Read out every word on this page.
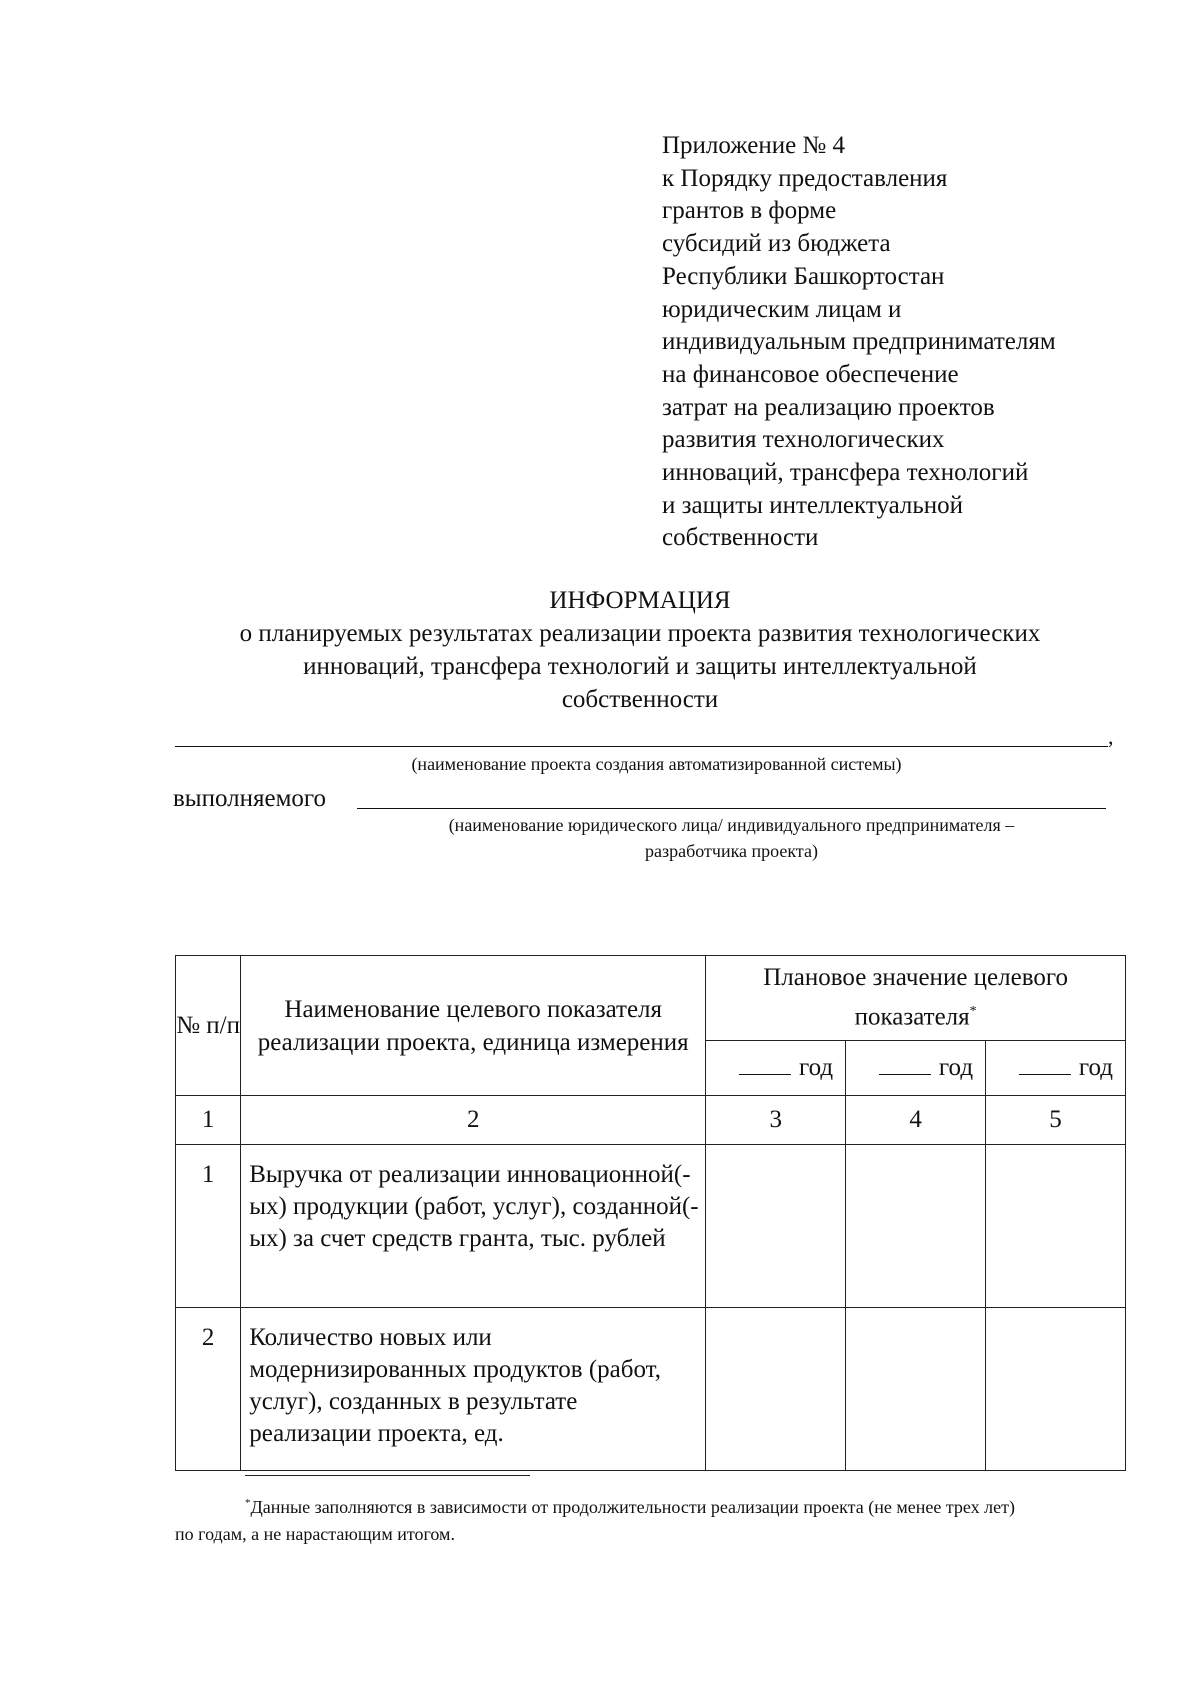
Приложение № 4
к Порядку предоставления
грантов в форме
субсидий из бюджета
Республики Башкортостан
юридическим лицам и
индивидуальным предпринимателям
на финансовое обеспечение
затрат на реализацию проектов
развития технологических
инноваций, трансфера технологий
и защиты интеллектуальной
собственности
ИНФОРМАЦИЯ
о планируемых результатах реализации проекта развития технологических
инноваций, трансфера технологий и защиты интеллектуальной
собственности
,
(наименование проекта создания автоматизированной системы)
выполняемого
(наименование юридического лица/ индивидуального предпринимателя –
разработчика проекта)
№ п/п	Наименование целевого показателя реализации проекта, единица измерения	Плановое значение целевого показателя*
		год	год	год
1	2	3	4	5
1	Выручка от реализации инновационной(-ых) продукции (работ, услуг), созданной(-ых) за счет средств гранта, тыс. рублей			
2	Количество новых или модернизированных продуктов (работ, услуг), созданных в результате реализации проекта, ед.			
*Данные заполняются в зависимости от продолжительности реализации проекта (не менее трех лет)
по годам, а не нарастающим итогом.
